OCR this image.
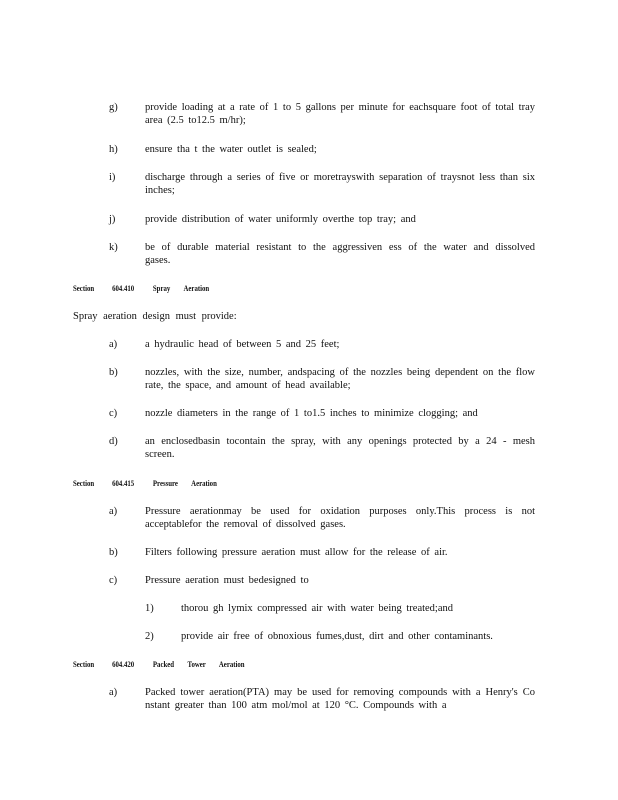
g)	provide loading at a rate of 1 to 5 gallons per minute for eachsquare foot of total tray area (2.5 to12.5 m/hr);
h)	ensure tha t the water outlet is sealed;
i)	discharge through a series of five or moretrayswith separation of traysnot less than six inches;
j)	provide distribution of water uniformly overthe top tray; and
k)	be of durable material resistant to the aggressiven ess of the water and dissolved gases.
Section 604.410 Spray Aeration
Spray aeration design must provide:
a)	a hydraulic head of between 5 and 25 feet;
b)	nozzles, with the size, number, andspacing of the nozzles being dependent on the flow rate, the space, and amount of head available;
c)	nozzle diameters in the range of 1 to1.5 inches to minimize clogging; and
d)	an enclosedbasin tocontain the spray, with any openings protected by a 24 - mesh screen.
Section 604.415 Pressure Aeration
a)	Pressure aerationmay be used for oxidation purposes only.This process is not acceptablefor the removal of dissolved gases.
b)	Filters following pressure aeration must allow for the release of air.
c)	Pressure aeration must bedesigned to
1)	thorou gh lymix compressed air with water being treated;and
2)	provide air free of obnoxious fumes,dust, dirt and other contaminants.
Section 604.420 Packed Tower Aeration
a)	Packed tower aeration(PTA) may be used for removing compounds with a Henry's Co nstant greater than 100 atm mol/mol at 120 °C. Compounds with a
